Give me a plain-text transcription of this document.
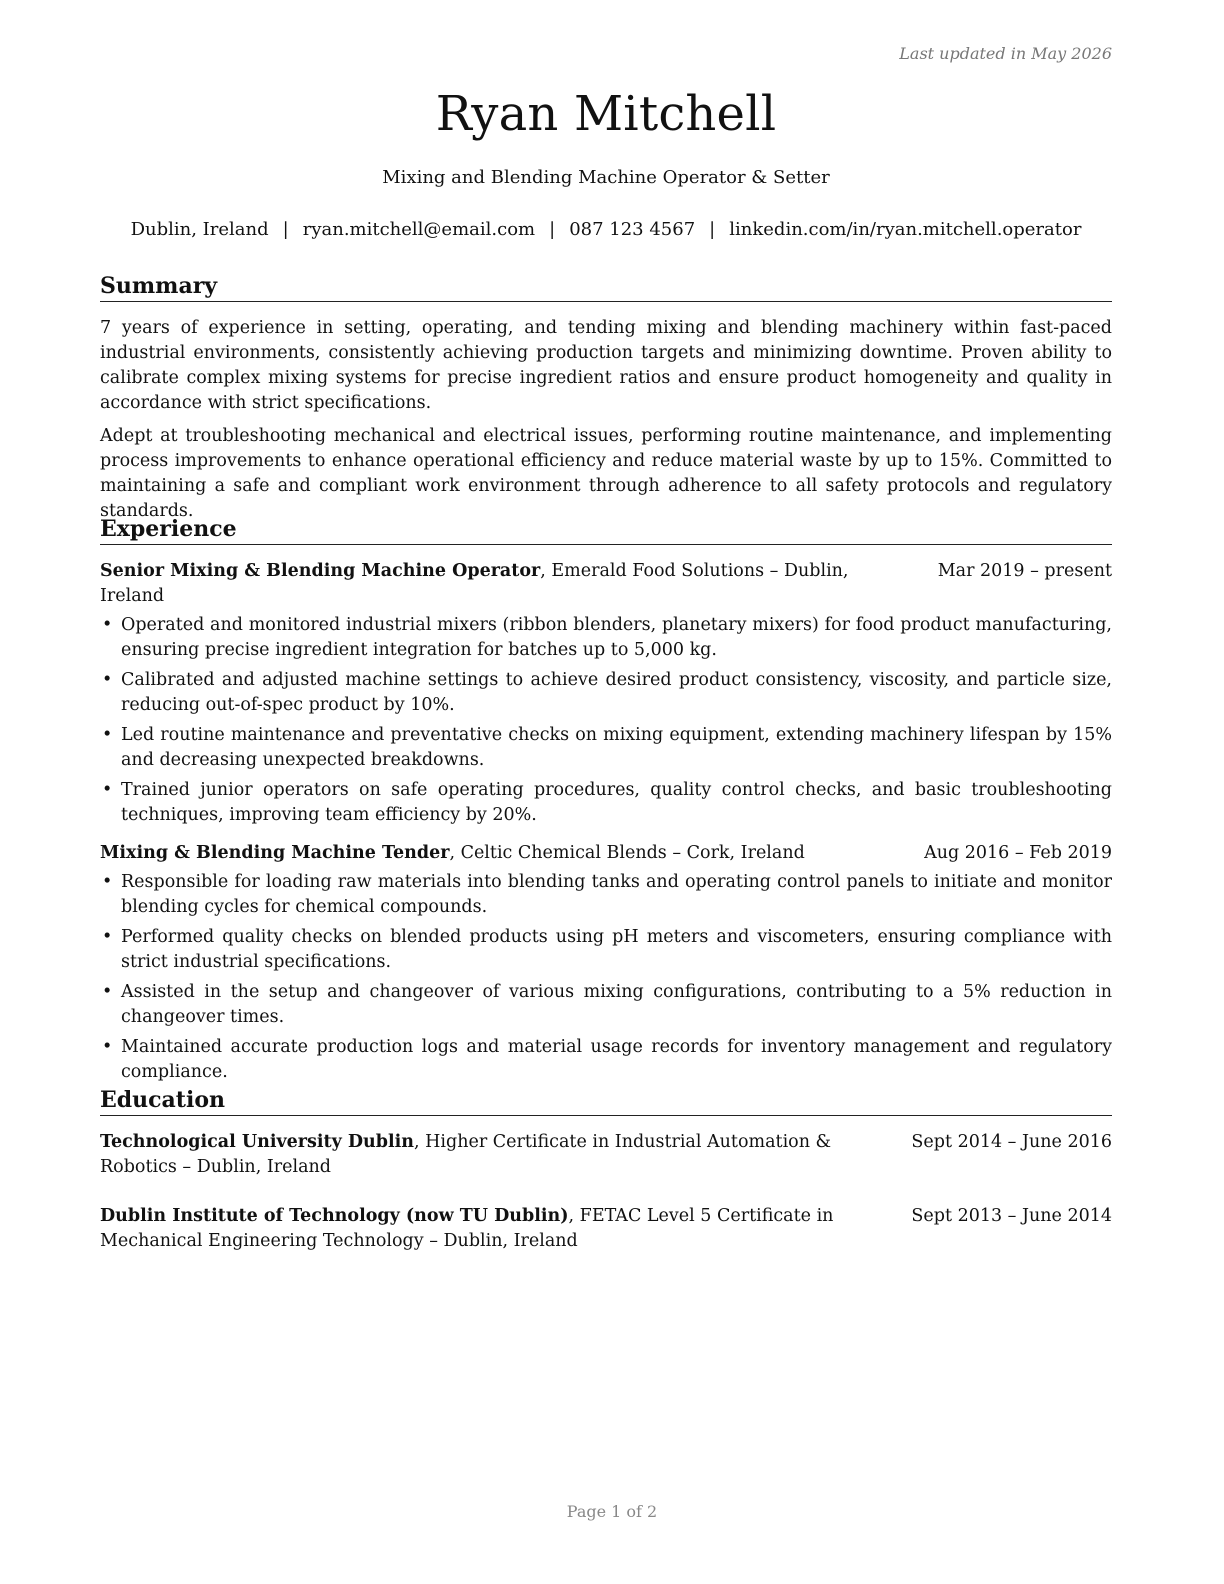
Last updated in May 2026
Ryan Mitchell
Mixing and Blending Machine Operator & Setter
Dublin, Ireland | ryan.mitchell@email.com | 087 123 4567 | linkedin.com/in/ryan.mitchell.operator
Summary

7 years of experience in setting, operating, and tending mixing and blending machinery within fast-paced industrial environments, consistently achieving production targets and minimizing downtime. Proven ability to calibrate complex mixing systems for precise ingredient ratios and ensure product homogeneity and quality in accordance with strict specifications.

Adept at troubleshooting mechanical and electrical issues, performing routine maintenance, and implementing process improvements to enhance operational efficiency and reduce material waste by up to 15%. Committed to maintaining a safe and compliant work environment through adherence to all safety protocols and regulatory standards.

Experience
Senior Mixing & Blending Machine Operator, Emerald Food Solutions – Dublin, Ireland
Mar 2019 – present
• Operated and monitored industrial mixers (ribbon blenders, planetary mixers) for food product manufacturing, ensuring precise ingredient integration for batches up to 5,000 kg.
• Calibrated and adjusted machine settings to achieve desired product consistency, viscosity, and particle size, reducing out-of-spec product by 10%.
• Led routine maintenance and preventative checks on mixing equipment, extending machinery lifespan by 15% and decreasing unexpected breakdowns.
• Trained junior operators on safe operating procedures, quality control checks, and basic troubleshooting techniques, improving team efficiency by 20%.
Mixing & Blending Machine Tender, Celtic Chemical Blends – Cork, Ireland	Aug 2016 – Feb 2019
• Responsible for loading raw materials into blending tanks and operating control panels to initiate and monitor blending cycles for chemical compounds.
• Performed quality checks on blended products using pH meters and viscometers, ensuring compliance with strict industrial specifications.
• Assisted in the setup and changeover of various mixing configurations, contributing to a 5% reduction in changeover times.
• Maintained accurate production logs and material usage records for inventory management and regulatory compliance.
Education
Technological University Dublin, Higher Certificate in Industrial Automation & Robotics – Dublin, Ireland
Sept 2014 – June 2016
Dublin Institute of Technology (now TU Dublin), FETAC Level 5 Certificate in Mechanical Engineering Technology – Dublin, Ireland
Sept 2013 – June 2014
Page 1 of 2
